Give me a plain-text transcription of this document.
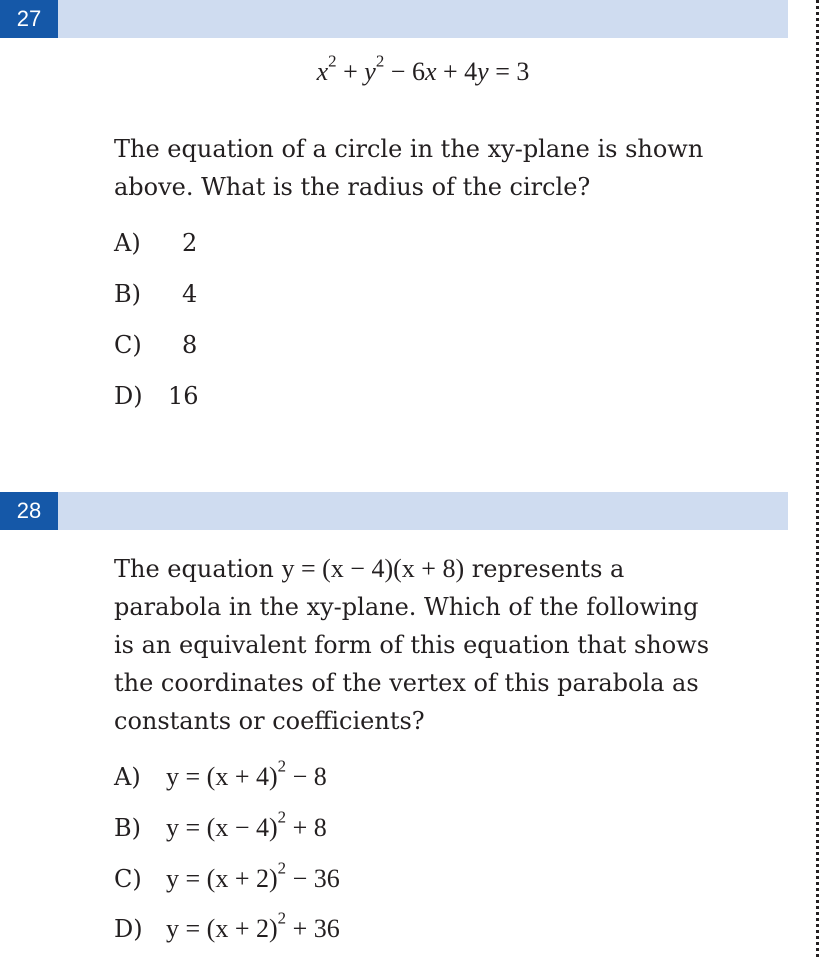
27
$x^2 + y^2 - 6x + 4y = 3$
The equation of a circle in the xy-plane is shown
above. What is the radius of the circle?
A)	2
B)	4
C)	8
D)	16
28
The equation y = (x − 4)(x + 8) represents a
parabola in the xy-plane. Which of the following
is an equivalent form of this equation that shows
the coordinates of the vertex of this parabola as
constants or coefficients?
A) $y = (x + 4)^2 - 8$
B) $y = (x - 4)^2 + 8$
C) $y = (x + 2)^2 - 36$
D) $y = (x + 2)^2 + 36$
